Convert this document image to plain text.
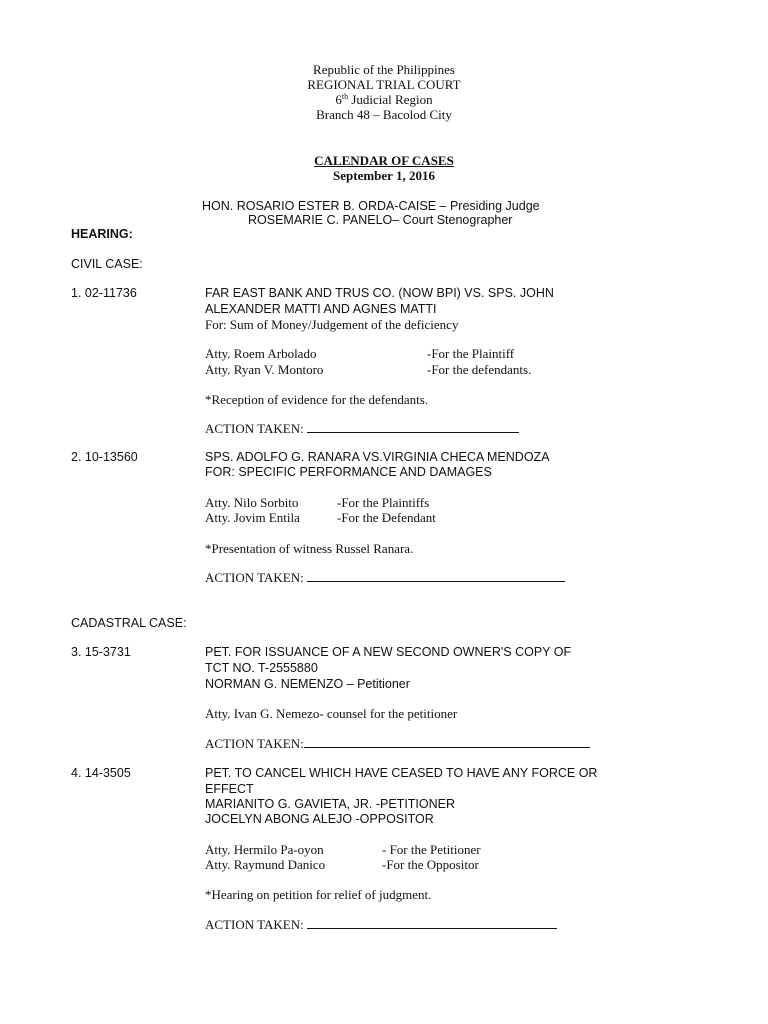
Republic of the Philippines
REGIONAL TRIAL COURT
6th Judicial Region
Branch 48 – Bacolod City
CALENDAR OF CASES
September 1, 2016
HON. ROSARIO ESTER B. ORDA-CAISE – Presiding Judge
ROSEMARIE C. PANELO– Court Stenographer
HEARING:
CIVIL CASE:
1. 02-11736	FAR EAST BANK AND TRUS CO. (NOW BPI) VS. SPS. JOHN
ALEXANDER MATTI AND AGNES MATTI
For: Sum of Money/Judgement of the deficiency
Atty. Roem Arbolado	-For the Plaintiff
Atty. Ryan V. Montoro	-For the defendants.
*Reception of evidence for the defendants.
ACTION TAKEN:
2. 10-13560	SPS. ADOLFO G. RANARA VS.VIRGINIA CHECA MENDOZA
FOR: SPECIFIC PERFORMANCE AND DAMAGES
Atty. Nilo Sorbito	-For the Plaintiffs
Atty. Jovim Entila	-For the Defendant
*Presentation of witness Russel Ranara.
ACTION TAKEN:
CADASTRAL CASE:
3. 15-3731	PET. FOR ISSUANCE OF A NEW SECOND OWNER'S COPY OF
TCT NO. T-2555880
NORMAN G. NEMENZO – Petitioner
Atty. Ivan G. Nemezo- counsel for the petitioner
ACTION TAKEN:
4. 14-3505	PET. TO CANCEL WHICH HAVE CEASED TO HAVE ANY FORCE OR
EFFECT
MARIANITO G. GAVIETA, JR. -PETITIONER
JOCELYN ABONG ALEJO -OPPOSITOR
Atty. Hermilo Pa-oyon	- For the Petitioner
Atty. Raymund Danico	-For the Oppositor
*Hearing on petition for relief of judgment.
ACTION TAKEN:
